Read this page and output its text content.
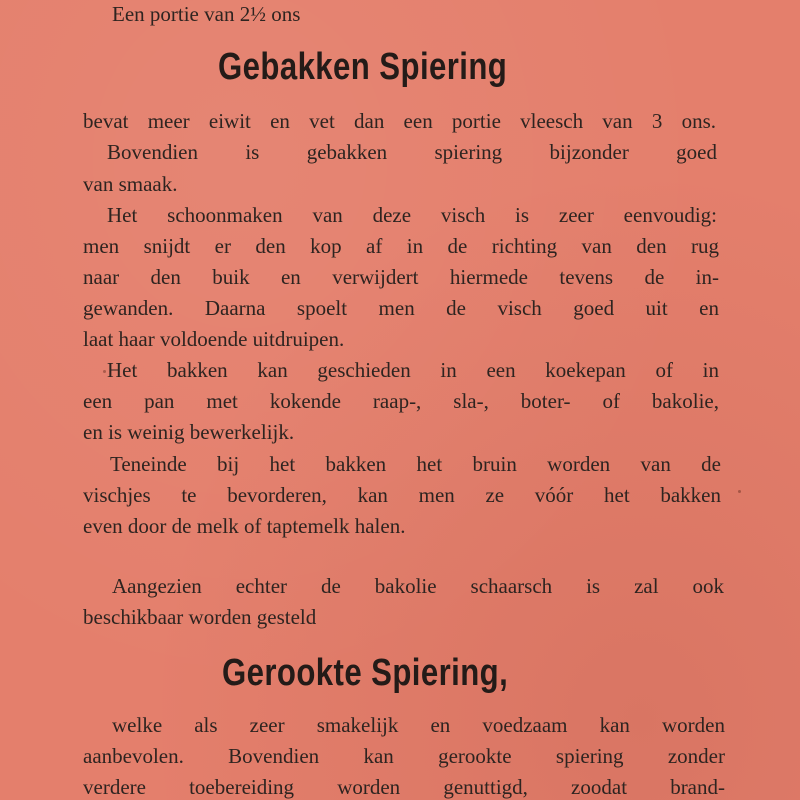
Een portie van 2½ ons
Gebakken Spiering
bevat meer eiwit en vet dan een portie vleesch van 3 ons.
Bovendien is gebakken spiering bijzonder goed
van smaak.
Het schoonmaken van deze visch is zeer eenvoudig:
men snijdt er den kop af in de richting van den rug
naar den buik en verwijdert hiermede tevens de in-
gewanden. Daarna spoelt men de visch goed uit en
laat haar voldoende uitdruipen.
Het bakken kan geschieden in een koekepan of in
een pan met kokende raap-, sla-, boter- of bakolie,
en is weinig bewerkelijk.
Teneinde bij het bakken het bruin worden van de
vischjes te bevorderen, kan men ze vóór het bakken
even door de melk of taptemelk halen.
Aangezien echter de bakolie schaarsch is zal ook
beschikbaar worden gesteld
Gerookte Spiering,
welke als zeer smakelijk en voedzaam kan worden
aanbevolen. Bovendien kan gerookte spiering zonder
verdere toebereiding worden genuttigd, zoodat brand-
